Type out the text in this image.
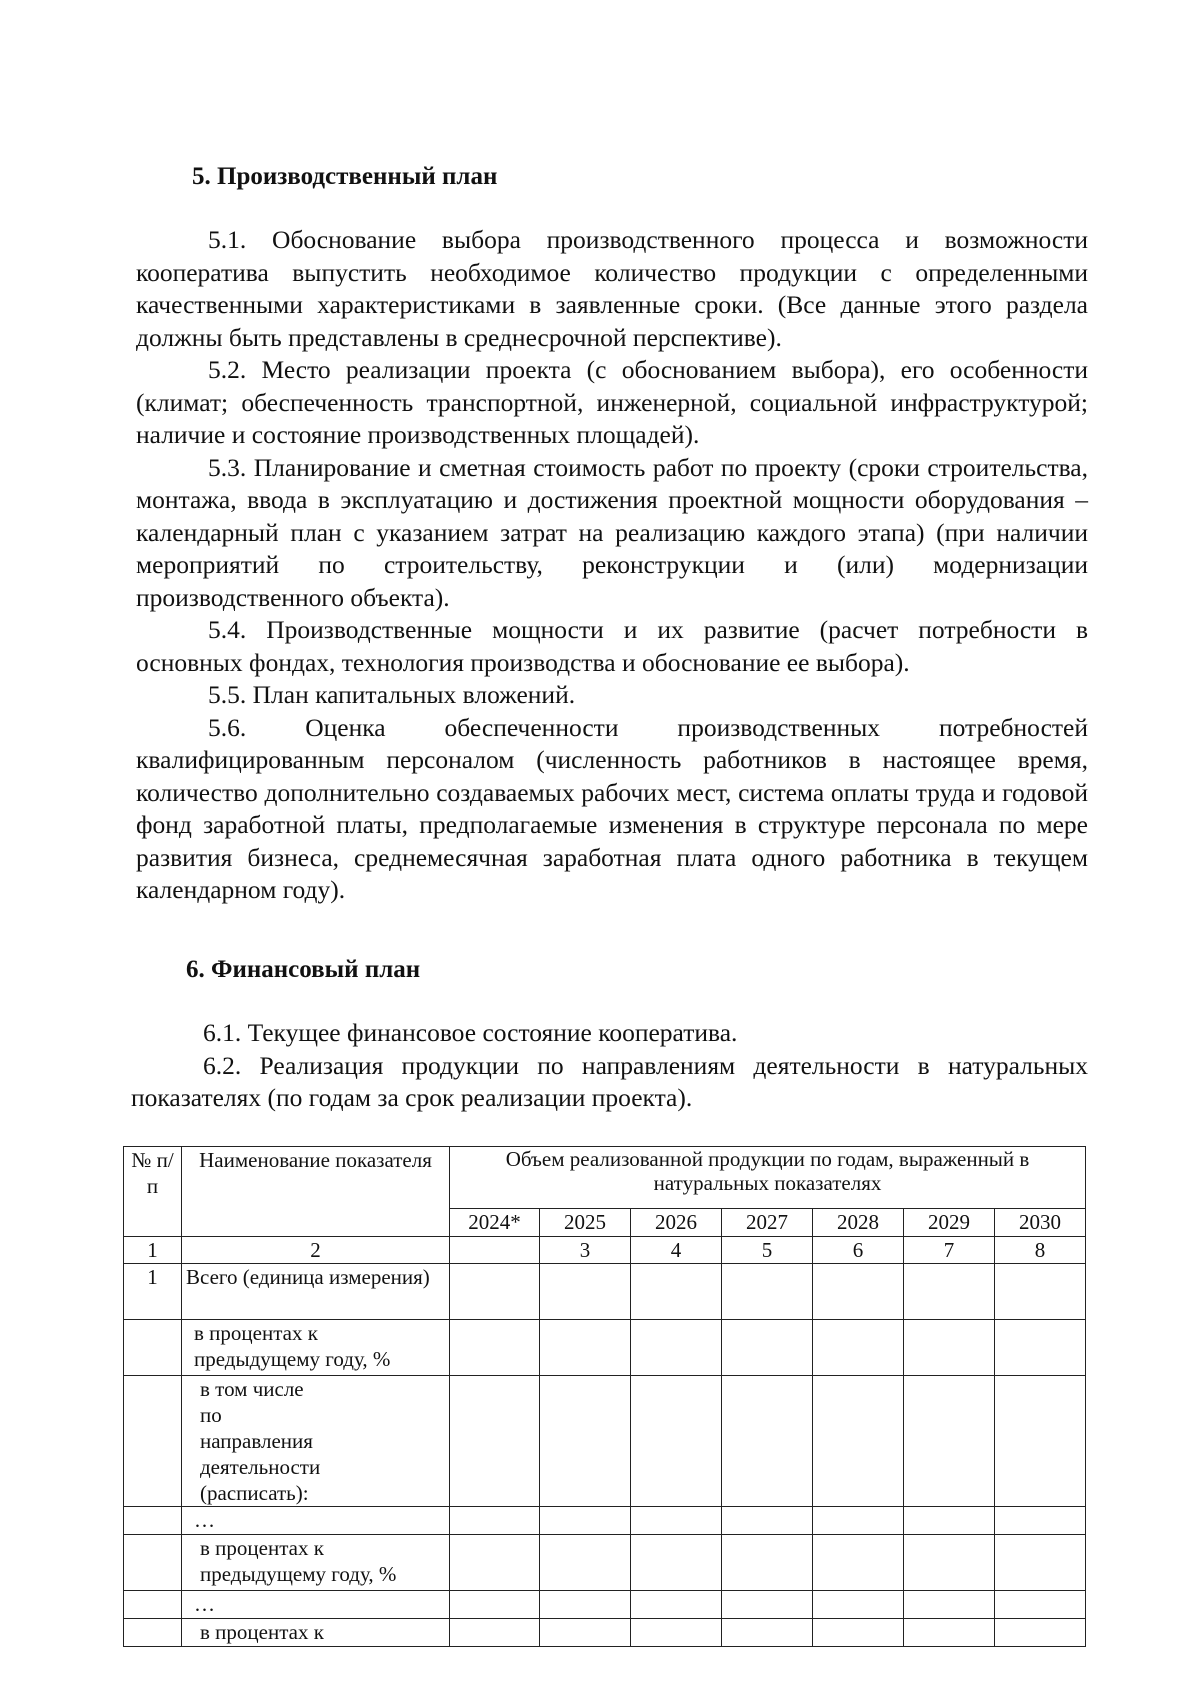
5. Производственный план

5.1. Обоснование выбора производственного процесса и возможности кооператива выпустить необходимое количество продукции с определенными качественными характеристиками в заявленные сроки. (Все данные этого раздела должны быть представлены в среднесрочной перспективе).

5.2. Место реализации проекта (с обоснованием выбора), его особенности (климат; обеспеченность транспортной, инженерной, социальной инфраструктурой; наличие и состояние производственных площадей).

5.3. Планирование и сметная стоимость работ по проекту (сроки строительства, монтажа, ввода в эксплуатацию и достижения проектной мощности оборудования – календарный план с указанием затрат на реализацию каждого этапа) (при наличии мероприятий по строительству, реконструкции и (или) модернизации производственного объекта).

5.4. Производственные мощности и их развитие (расчет потребности в основных фондах, технология производства и обоснование ее выбора).

5.5. План капитальных вложений.

5.6. Оценка обеспеченности производственных потребностей квалифицированным персоналом (численность работников в настоящее время, количество дополнительно создаваемых рабочих мест, система оплаты труда и годовой фонд заработной платы, предполагаемые изменения в структуре персонала по мере развития бизнеса, среднемесячная заработная плата одного работника в текущем календарном году).

6. Финансовый план

6.1. Текущее финансовое состояние кооператива.

6.2. Реализация продукции по направлениям деятельности в натуральных показателях (по годам за срок реализации проекта).

№ п/п	Наименование показателя	Объем реализованной продукции по годам, выраженный в натуральных показателях						
		2024*	2025	2026	2027	2028	2029	2030
1	2		3	4	5	6	7	8
1	Всего (единица измерения)							
	в процентах к предыдущему году, %							
	в том числе по направления деятельности (расписать):							
	…							
	в процентах к предыдущему году, %							
	…							
	в процентах к							
